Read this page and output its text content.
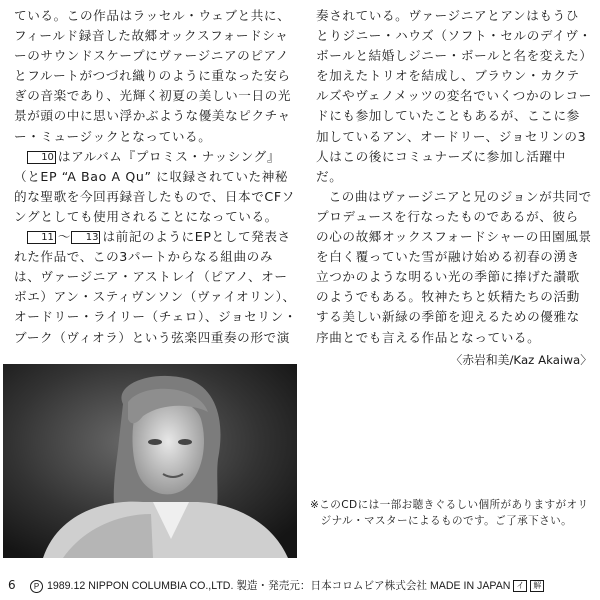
ている。この作品はラッセル・ウェブと共に、フィールド録音した故郷オックスフォードシャーのサウンドスケープにヴァージニアのピアノとフルートがつづれ織りのように重なった安らぎの音楽であり、光輝く初夏の美しい一日の光景が頭の中に思い浮かぶような優美なピクチャー・ミュージックとなっている。

10 はアルバム『プロミス・ナッシング』（とEP “A Bao A Qu” に収録されていた神秘的な聖歌を今回再録音したもので、日本でCFソングとしても使用されることになっている。

11 〜 13 は前記のようにEPとして発表された作品で、この3パートからなる組曲のみは、ヴァージニア・アストレイ（ピアノ、オーボエ）アン・スティヴンソン（ヴァイオリン）、オードリー・ライリー（チェロ）、ジョセリン・ブーク（ヴィオラ）という弦楽四重奏の形で演

奏されている。ヴァージニアとアンはもうひとりジニー・ハウズ（ソフト・セルのデイヴ・ボールと結婚しジニー・ボールと名を変えた）を加えたトリオを結成し、ブラウン・カクテルズやヴェノメッツの変名でいくつかのレコードにも参加していたこともあるが、ここに参加しているアン、オードリー、ジョセリンの3人はこの後にコミュナーズに参加し活躍中だ。

この曲はヴァージニアと兄のジョンが共同でプロデュースを行なったものであるが、彼らの心の故郷オックスフォードシャーの田園風景を白く覆っていた雪が融け始める初春の湧き立つかのような明るい光の季節に捧げた讃歌のようでもある。牧神たちと妖精たちの活動する美しい新緑の季節を迎えるための優雅な序曲とでも言える作品となっている。

〈赤岩和美/Kaz Akaiwa〉

※このCDには一部お聴きぐるしい個所がありますがオリジナル・マスターによるものです。ご了承下さい。

6	P 1989.12 NIPPON COLUMBIA CO.,LTD. 製造・発売元：日本コロムビア株式会社 MADE IN JAPAN イ 解
